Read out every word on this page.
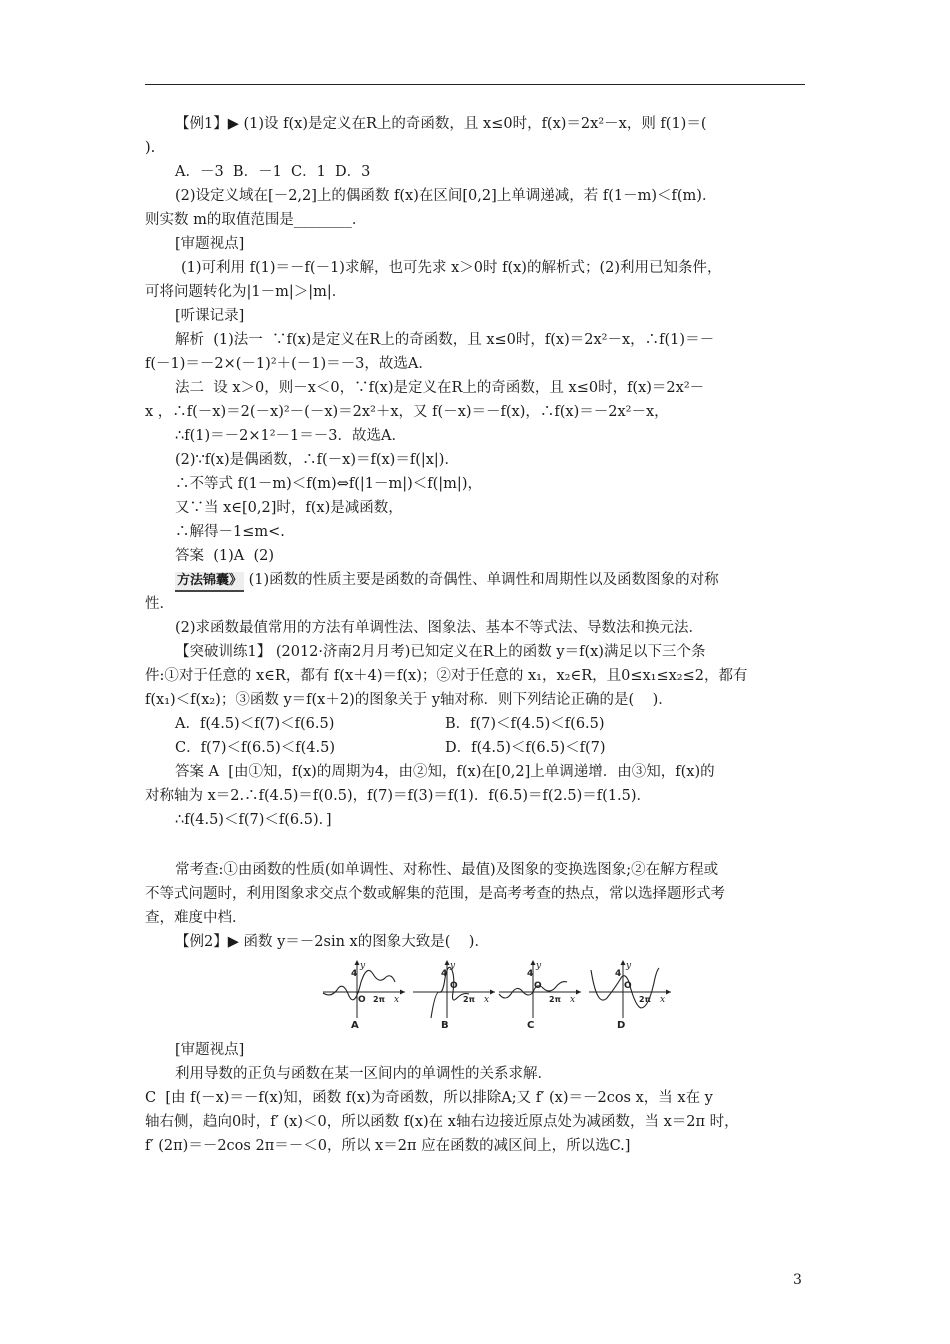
【例1】▶ (1)设 f(x)是定义在R上的奇函数，且 x≤0时，f(x)＝2x²－x，则 f(1)＝(
).
A．－3  B．－1  C．1  D．3
(2)设定义域在[－2,2]上的偶函数 f(x)在区间[0,2]上单调递减，若 f(1－m)＜f(m)．
则实数 m的取值范围是________．
[审题视点]
(1)可利用 f(1)＝－f(－1)求解，也可先求 x＞0时 f(x)的解析式；(2)利用已知条件，
可将问题转化为|1－m|＞|m|．
[听课记录]
解析  (1)法一  ∵f(x)是定义在R上的奇函数，且 x≤0时，f(x)＝2x²－x，∴f(1)＝－
f(－1)＝－2×(－1)²＋(－1)＝－3，故选A．
法二  设 x＞0，则－x＜0，∵f(x)是定义在R上的奇函数，且 x≤0时，f(x)＝2x²－
x ，∴f(－x)＝2(－x)²－(－x)＝2x²＋x，又 f(－x)＝－f(x)，∴f(x)＝－2x²－x，
∴f(1)＝－2×1²－1＝－3．故选A．
(2)∵f(x)是偶函数，∴f(－x)＝f(x)＝f(|x|)．
∴不等式 f(1－m)＜f(m)⇔f(|1－m|)＜f(|m|)，
又∵当 x∈[0,2]时，f(x)是减函数，
∴解得－1≤m<.
答案  (1)A  (2)
方法锦囊》 (1)函数的性质主要是函数的奇偶性、单调性和周期性以及函数图象的对称
性．
(2)求函数最值常用的方法有单调性法、图象法、基本不等式法、导数法和换元法．
【突破训练1】 (2012·济南2月月考)已知定义在R上的函数 y＝f(x)满足以下三个条
件:①对于任意的 x∈R，都有 f(x＋4)＝f(x)；②对于任意的 x₁，x₂∈R，且0≤x₁≤x₂≤2，都有
f(x₁)＜f(x₂)；③函数 y＝f(x＋2)的图象关于 y轴对称．则下列结论正确的是(    )．
A．f(4.5)＜f(7)＜f(6.5)	B．f(7)＜f(4.5)＜f(6.5)
C．f(7)＜f(6.5)＜f(4.5)	D．f(4.5)＜f(6.5)＜f(7)
答案 A  [由①知，f(x)的周期为4，由②知，f(x)在[0,2]上单调递增．由③知，f(x)的
对称轴为 x＝2.∴f(4.5)＝f(0.5)，f(7)＝f(3)＝f(1)．f(6.5)＝f(2.5)＝f(1.5)．
∴f(4.5)＜f(7)＜f(6.5)．]
常考查:①由函数的性质(如单调性、对称性、最值)及图象的变换选图象;②在解方程或
不等式问题时，利用图象求交点个数或解集的范围，是高考考查的热点，常以选择题形式考
查，难度中档．
【例2】▶ 函数 y＝－2sin x的图象大致是(    )．
4
y
O 2π x
A
4
y
O
2π x
B
4
y
O
2π x
C
4
y
O
2π x
D
[审题视点]
利用导数的正负与函数在某一区间内的单调性的关系求解．
C  [由 f(－x)＝－f(x)知，函数 f(x)为奇函数，所以排除A;又 f′ (x)＝－2cos x，当 x在 y
轴右侧，趋向0时，f′ (x)＜0，所以函数 f(x)在 x轴右边接近原点处为减函数，当 x＝2π 时，
f′ (2π)＝－2cos 2π＝－＜0，所以 x＝2π 应在函数的减区间上，所以选C.]
3
